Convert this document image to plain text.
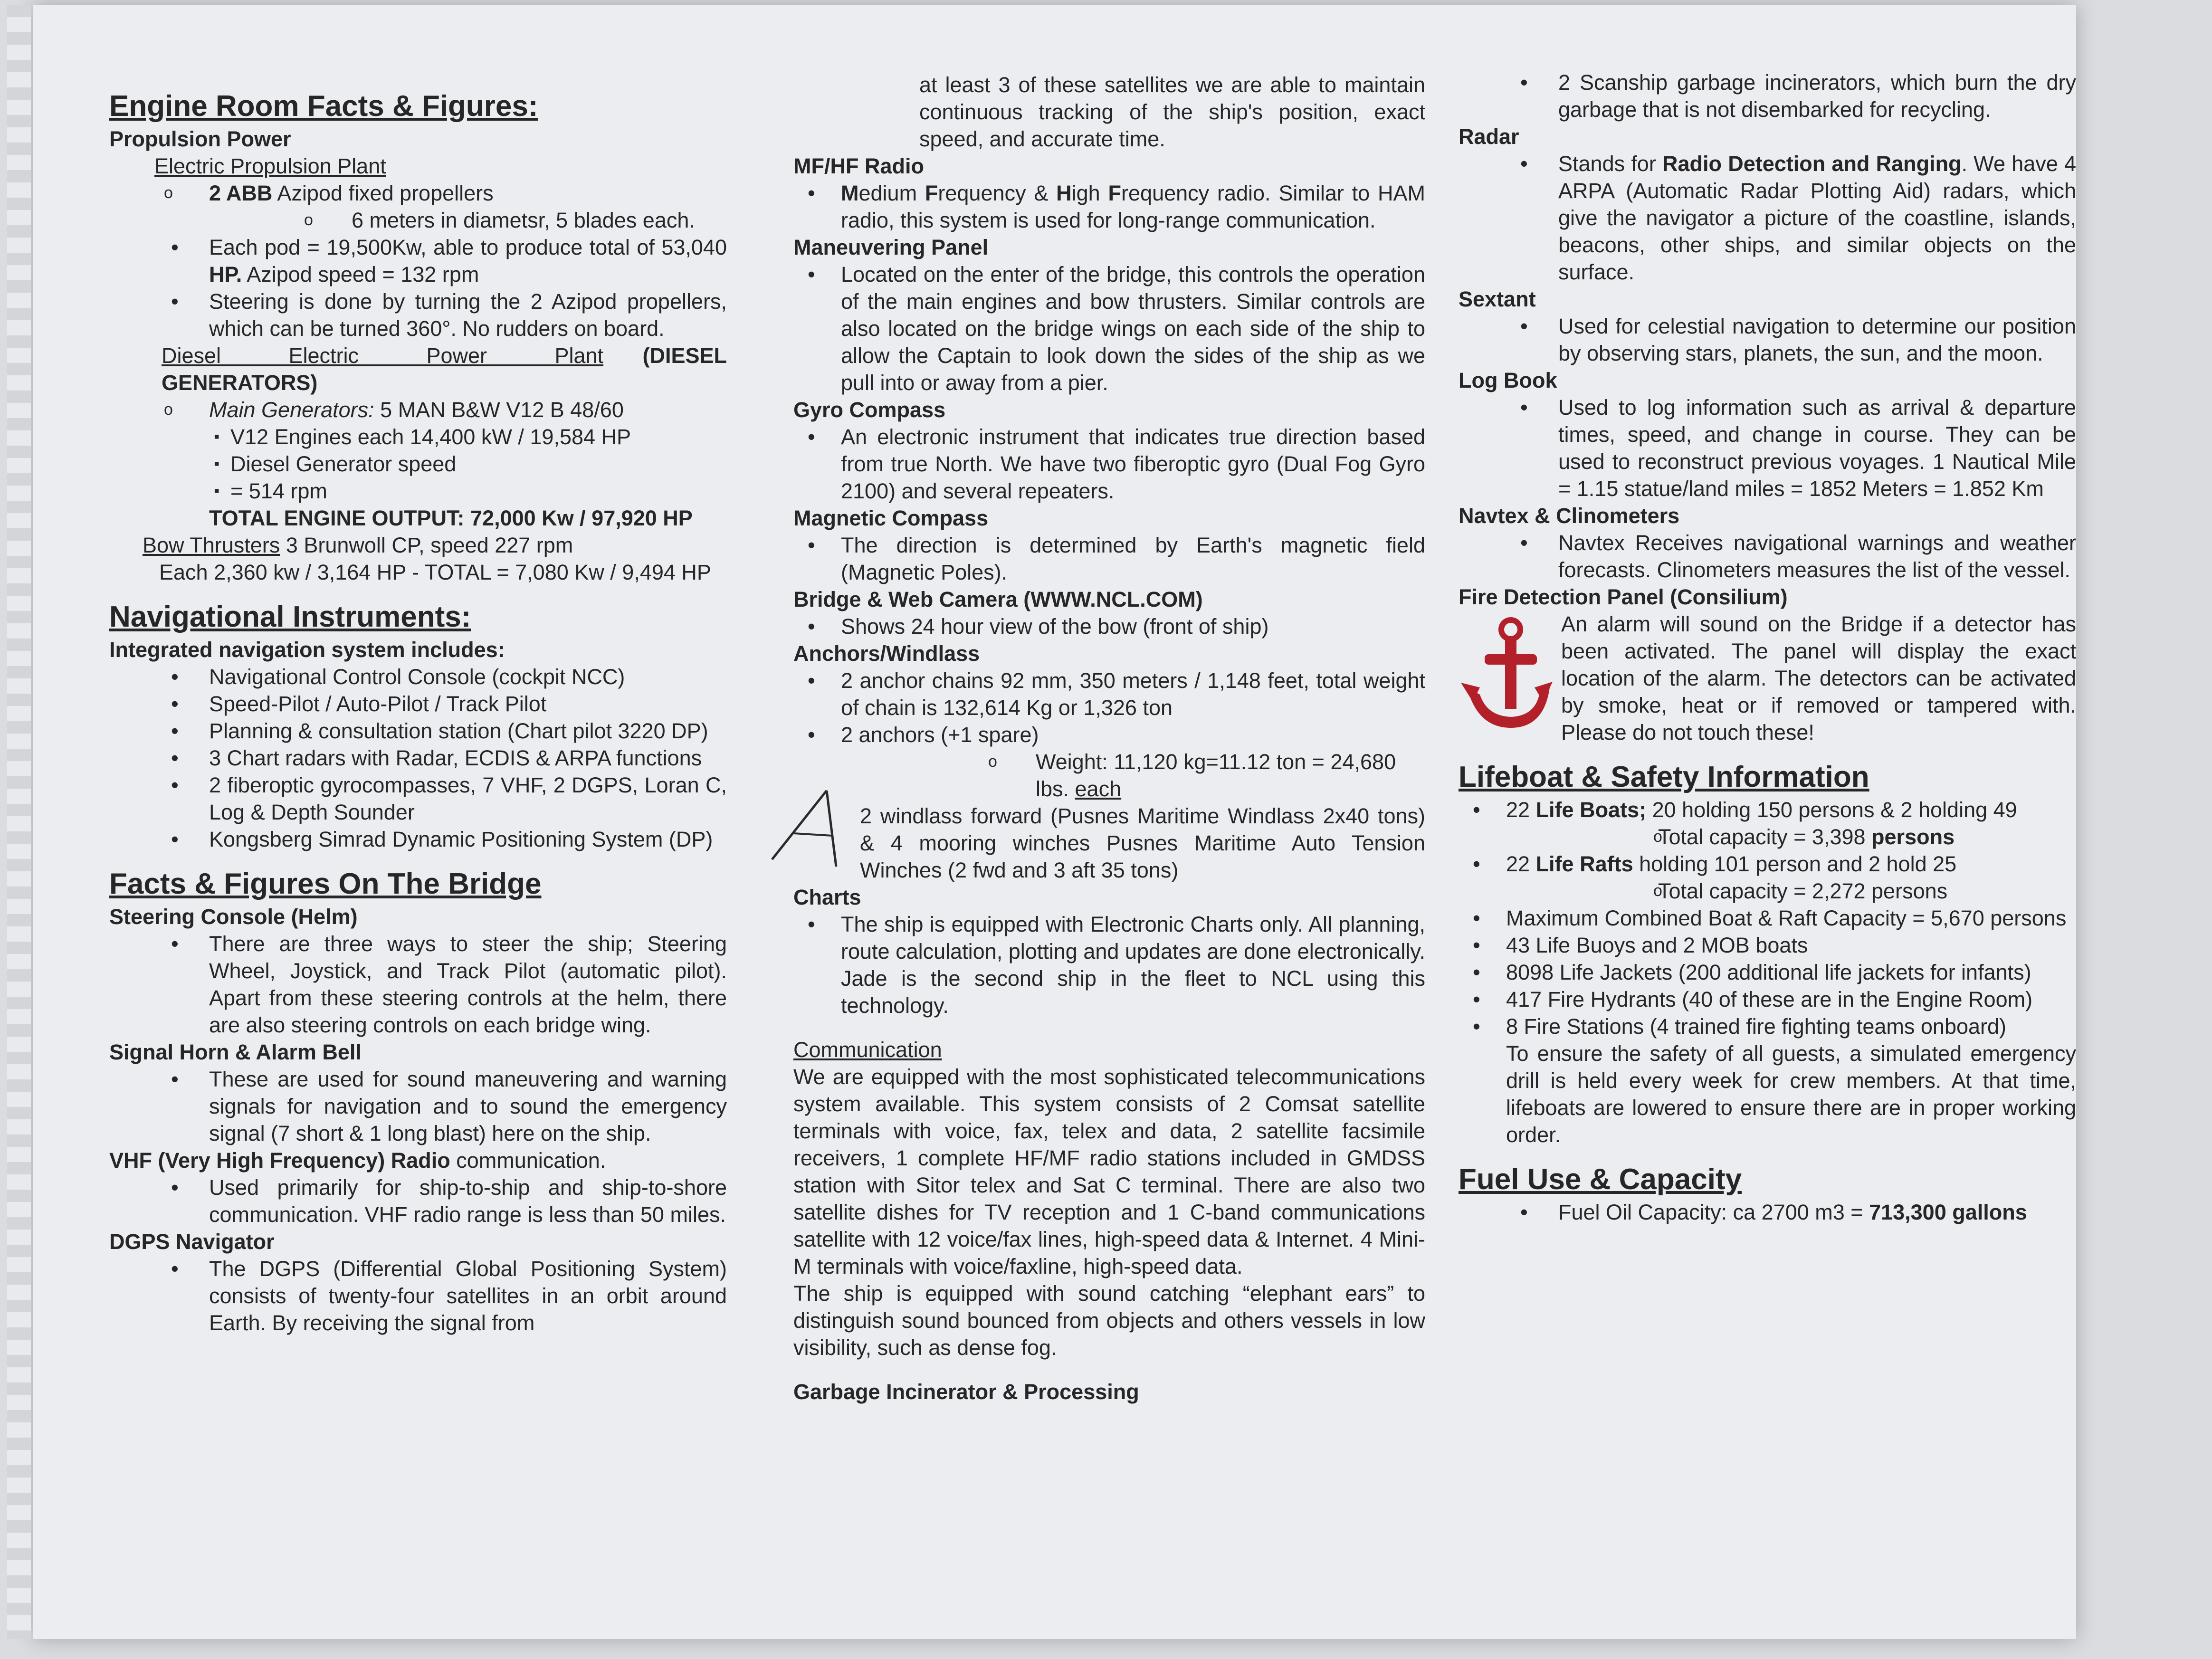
Engine Room Facts & Figures:
Propulsion Power
Electric Propulsion Plant
o 2 ABB Azipod fixed propellers
o 6 meters in diametsr, 5 blades each.
• Each pod = 19,500Kw, able to produce total of 53,040 HP. Azipod speed = 132 rpm
• Steering is done by turning the 2 Azipod propellers, which can be turned 360°. No rudders on board.
Diesel Electric Power Plant (DIESEL GENERATORS)
o Main Generators: 5 MAN B&W V12 B 48/60
▪ V12 Engines each 14,400 kW / 19,584 HP
▪ Diesel Generator speed
▪ = 514 rpm
TOTAL ENGINE OUTPUT: 72,000 Kw / 97,920 HP
Bow Thrusters 3 Brunwoll CP, speed 227 rpm
Each 2,360 kw / 3,164 HP - TOTAL = 7,080 Kw / 9,494 HP
Navigational Instruments:
Integrated navigation system includes:
• Navigational Control Console (cockpit NCC)
• Speed-Pilot / Auto-Pilot / Track Pilot
• Planning & consultation station (Chart pilot 3220 DP)
• 3 Chart radars with Radar, ECDIS & ARPA functions
• 2 fiberoptic gyrocompasses, 7 VHF, 2 DGPS, Loran C, Log & Depth Sounder
• Kongsberg Simrad Dynamic Positioning System (DP)
Facts & Figures On The Bridge
Steering Console (Helm)
• There are three ways to steer the ship; Steering Wheel, Joystick, and Track Pilot (automatic pilot). Apart from these steering controls at the helm, there are also steering controls on each bridge wing.
Signal Horn & Alarm Bell
• These are used for sound maneuvering and warning signals for navigation and to sound the emergency signal (7 short & 1 long blast) here on the ship.
VHF (Very High Frequency) Radio communication.
• Used primarily for ship-to-ship and ship-to-shore communication. VHF radio range is less than 50 miles.
DGPS Navigator
• The DGPS (Differential Global Positioning System) consists of twenty-four satellites in an orbit around Earth. By receiving the signal from
at least 3 of these satellites we are able to maintain continuous tracking of the ship's position, exact speed, and accurate time.
MF/HF Radio
• Medium Frequency & High Frequency radio. Similar to HAM radio, this system is used for long-range communication.
Maneuvering Panel
• Located on the enter of the bridge, this controls the operation of the main engines and bow thrusters. Similar controls are also located on the bridge wings on each side of the ship to allow the Captain to look down the sides of the ship as we pull into or away from a pier.
Gyro Compass
• An electronic instrument that indicates true direction based from true North. We have two fiberoptic gyro (Dual Fog Gyro 2100) and several repeaters.
Magnetic Compass
• The direction is determined by Earth's magnetic field (Magnetic Poles).
Bridge & Web Camera (WWW.NCL.COM)
• Shows 24 hour view of the bow (front of ship)
Anchors/Windlass
• 2 anchor chains 92 mm, 350 meters / 1,148 feet, total weight of chain is 132,614 Kg or 1,326 ton
• 2 anchors (+1 spare)
o Weight: 11,120 kg=11.12 ton = 24,680 lbs. each
2 windlass forward (Pusnes Maritime Windlass 2x40 tons) & 4 mooring winches Pusnes Maritime Auto Tension Winches (2 fwd and 3 aft 35 tons)
Charts
• The ship is equipped with Electronic Charts only. All planning, route calculation, plotting and updates are done electronically. Jade is the second ship in the fleet to NCL using this technology.
Communication
We are equipped with the most sophisticated telecommunications system available. This system consists of 2 Comsat satellite terminals with voice, fax, telex and data, 2 satellite facsimile receivers, 1 complete HF/MF radio stations included in GMDSS station with Sitor telex and Sat C terminal. There are also two satellite dishes for TV reception and 1 C-band communications satellite with 12 voice/fax lines, high-speed data & Internet. 4 Mini-M terminals with voice/faxline, high-speed data.
The ship is equipped with sound catching “elephant ears” to distinguish sound bounced from objects and others vessels in low visibility, such as dense fog.
Garbage Incinerator & Processing
• 2 Scanship garbage incinerators, which burn the dry garbage that is not disembarked for recycling.
Radar
• Stands for Radio Detection and Ranging. We have 4 ARPA (Automatic Radar Plotting Aid) radars, which give the navigator a picture of the coastline, islands, beacons, other ships, and similar objects on the surface.
Sextant
• Used for celestial navigation to determine our position by observing stars, planets, the sun, and the moon.
Log Book
• Used to log information such as arrival & departure times, speed, and change in course. They can be used to reconstruct previous voyages. 1 Nautical Mile = 1.15 statue/land miles = 1852 Meters = 1.852 Km
Navtex & Clinometers
• Navtex Receives navigational warnings and weather forecasts. Clinometers measures the list of the vessel.
Fire Detection Panel (Consilium)
An alarm will sound on the Bridge if a detector has been activated. The panel will display the exact location of the alarm. The detectors can be activated by smoke, heat or if removed or tampered with. Please do not touch these!
Lifeboat & Safety Information
• 22 Life Boats; 20 holding 150 persons & 2 holding 49
o Total capacity = 3,398 persons
• 22 Life Rafts holding 101 person and 2 hold 25
o Total capacity = 2,272 persons
• Maximum Combined Boat & Raft Capacity = 5,670 persons
• 43 Life Buoys and 2 MOB boats
• 8098 Life Jackets (200 additional life jackets for infants)
• 417 Fire Hydrants (40 of these are in the Engine Room)
• 8 Fire Stations (4 trained fire fighting teams onboard)
To ensure the safety of all guests, a simulated emergency drill is held every week for crew members. At that time, lifeboats are lowered to ensure there are in proper working order.
Fuel Use & Capacity
• Fuel Oil Capacity: ca 2700 m3 = 713,300 gallons
